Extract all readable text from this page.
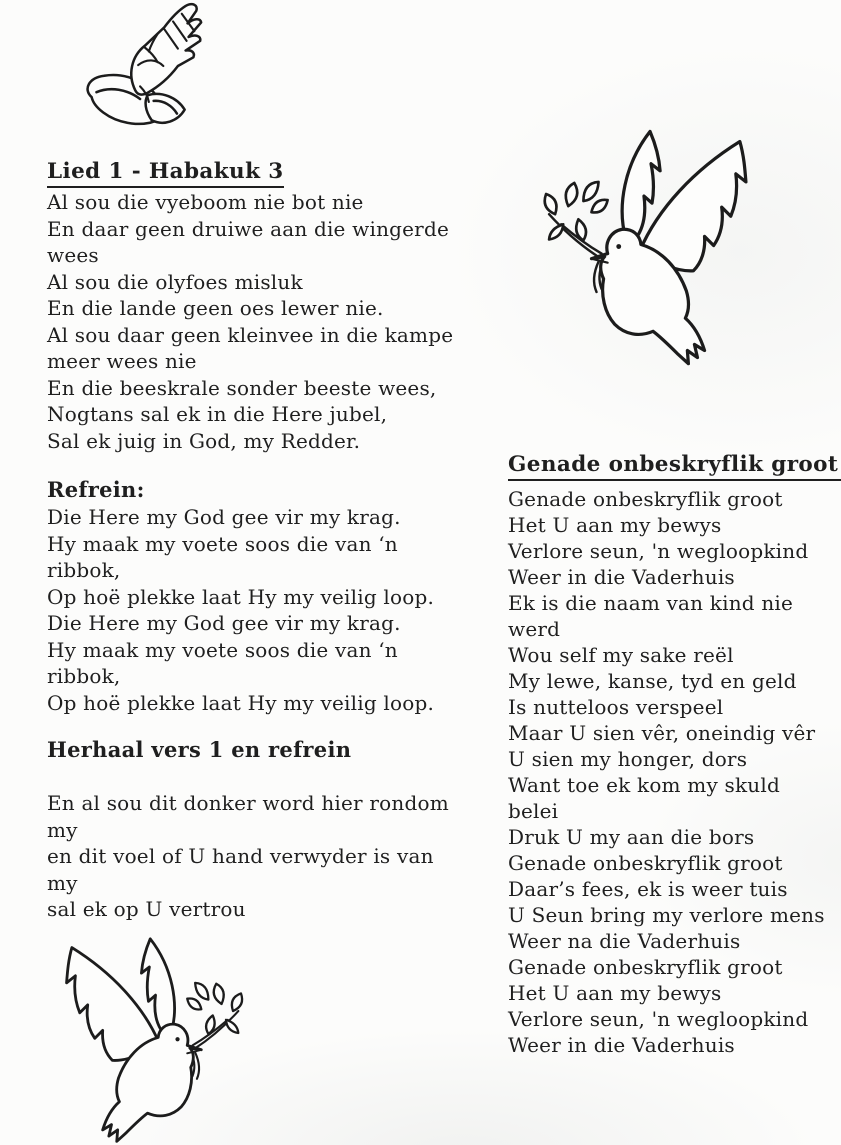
Lied 1 - Habakuk 3
Al sou die vyeboom nie bot nie
En daar geen druiwe aan die wingerde
wees
Al sou die olyfoes misluk
En die lande geen oes lewer nie.
Al sou daar geen kleinvee in die kampe
meer wees nie
En die beeskrale sonder beeste wees,
Nogtans sal ek in die Here jubel,
Sal ek juig in God, my Redder.
Refrein:
Die Here my God gee vir my krag.
Hy maak my voete soos die van ‘n
ribbok,
Op hoë plekke laat Hy my veilig loop.
Die Here my God gee vir my krag.
Hy maak my voete soos die van ‘n
ribbok,
Op hoë plekke laat Hy my veilig loop.
Herhaal vers 1 en refrein
En al sou dit donker word hier rondom
my
en dit voel of U hand verwyder is van
my
sal ek op U vertrou
Genade onbeskryflik groot
Genade onbeskryflik groot
Het U aan my bewys
Verlore seun, 'n wegloopkind
Weer in die Vaderhuis
Ek is die naam van kind nie
werd
Wou self my sake reël
My lewe, kanse, tyd en geld
Is nutteloos verspeel
Maar U sien vêr, oneindig vêr
U sien my honger, dors
Want toe ek kom my skuld
belei
Druk U my aan die bors
Genade onbeskryflik groot
Daar’s fees, ek is weer tuis
U Seun bring my verlore mens
Weer na die Vaderhuis
Genade onbeskryflik groot
Het U aan my bewys
Verlore seun, 'n wegloopkind
Weer in die Vaderhuis
